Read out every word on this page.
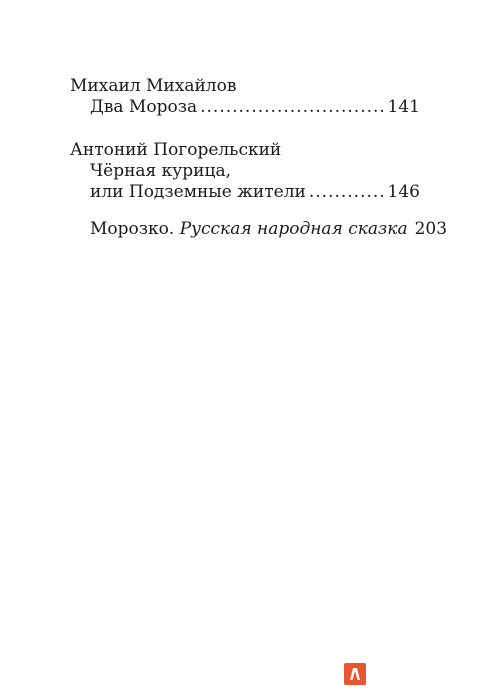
Михаил Михайлов

Два Мороза .....	141

Антоний Погорельский

Чёрная курица,
или Подземные жители .....	146
Морозко. Русская народная сказка 203
